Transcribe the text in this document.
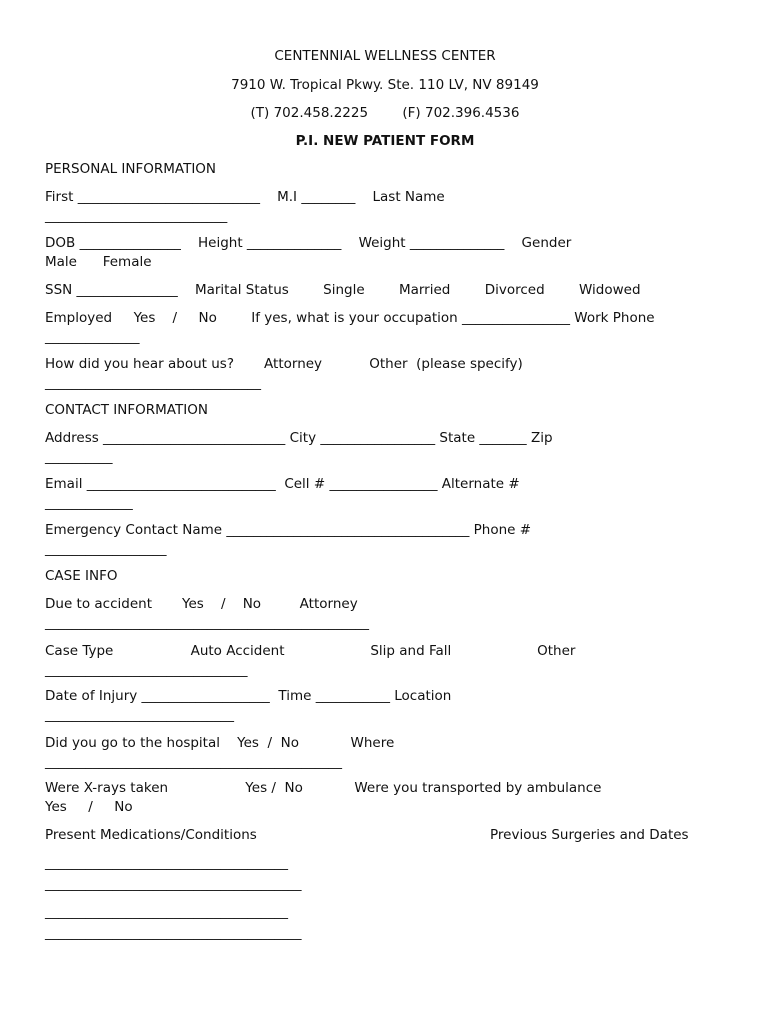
CENTENNIAL WELLNESS CENTER
7910 W. Tropical Pkwy. Ste. 110 LV, NV 89149
(T) 702.458.2225        (F) 702.396.4536
P.I. NEW PATIENT FORM
PERSONAL INFORMATION
First ___________________________    M.I ________    Last Name
___________________________
DOB _______________    Height ______________    Weight ______________    Gender
Male      Female
SSN _______________    Marital Status        Single        Married        Divorced        Widowed
Employed     Yes    /     No        If yes, what is your occupation ________________ Work Phone
______________
How did you hear about us?       Attorney           Other  (please specify)
________________________________
CONTACT INFORMATION
Address ___________________________ City _________________ State _______ Zip
__________
Email ____________________________  Cell # ________________ Alternate #
_____________
Emergency Contact Name ____________________________________ Phone #
__________________
CASE INFO
Due to accident       Yes    /    No         Attorney
________________________________________________
Case Type                  Auto Accident                    Slip and Fall                    Other
______________________________
Date of Injury ___________________  Time ___________ Location
____________________________
Did you go to the hospital    Yes  /  No            Where
____________________________________________
Were X-rays taken                  Yes /  No            Were you transported by ambulance
Yes     /     No
Present Medications/Conditions	Previous Surgeries and Dates
____________________________________
______________________________________
____________________________________
______________________________________
